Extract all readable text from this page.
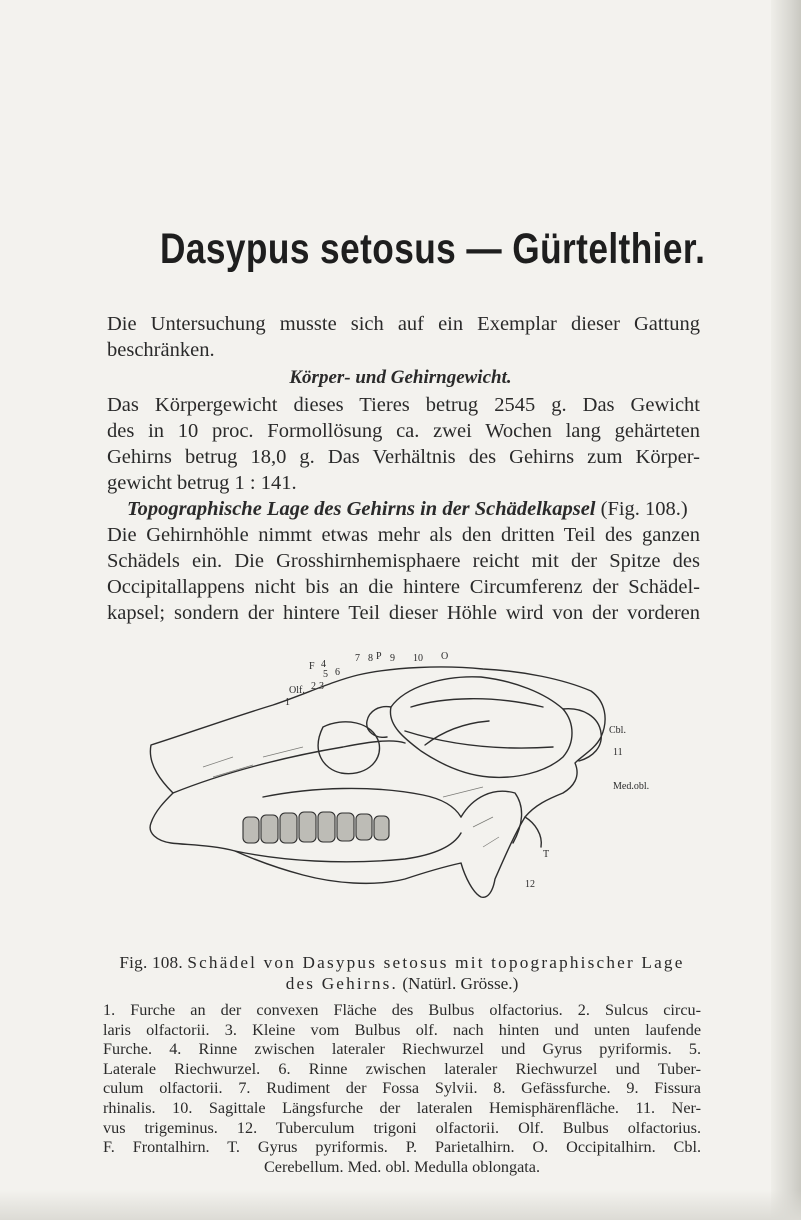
Dasypus setosus — Gürtelthier.
Die Untersuchung musste sich auf ein Exemplar dieser Gattung
beschränken.
Körper- und Gehirngewicht.
Das Körpergewicht dieses Tieres betrug 2545 g. Das Gewicht
des in 10 proc. Formollösung ca. zwei Wochen lang gehärteten
Gehirns betrug 18,0 g. Das Verhältnis des Gehirns zum Körper-
gewicht betrug 1 : 141.
Topographische Lage des Gehirns in der Schädelkapsel (Fig. 108.)
Die Gehirnhöhle nimmt etwas mehr als den dritten Teil des ganzen
Schädels ein. Die Grosshirnhemisphaere reicht mit der Spitze des
Occipitallappens nicht bis an die hintere Circumferenz der Schädel-
kapsel; sondern der hintere Teil dieser Höhle wird von der vorderen
F 4
5 6
7 8 P 9 10 O
2 3
Olf.
1
Cbl.
11
Med.obl.
T
12
Fig. 108. Schädel von Dasypus setosus mit topographischer Lage
des Gehirns. (Natürl. Grösse.)
1. Furche an der convexen Fläche des Bulbus olfactorius. 2. Sulcus circu-
laris olfactorii. 3. Kleine vom Bulbus olf. nach hinten und unten laufende
Furche. 4. Rinne zwischen lateraler Riechwurzel und Gyrus pyriformis. 5.
Laterale Riechwurzel. 6. Rinne zwischen lateraler Riechwurzel und Tuber-
culum olfactorii. 7. Rudiment der Fossa Sylvii. 8. Gefässfurche. 9. Fissura
rhinalis. 10. Sagittale Längsfurche der lateralen Hemisphärenfläche. 11. Ner-
vus trigeminus. 12. Tuberculum trigoni olfactorii. Olf. Bulbus olfactorius.
F. Frontalhirn. T. Gyrus pyriformis. P. Parietalhirn. O. Occipitalhirn. Cbl.
Cerebellum. Med. obl. Medulla oblongata.
